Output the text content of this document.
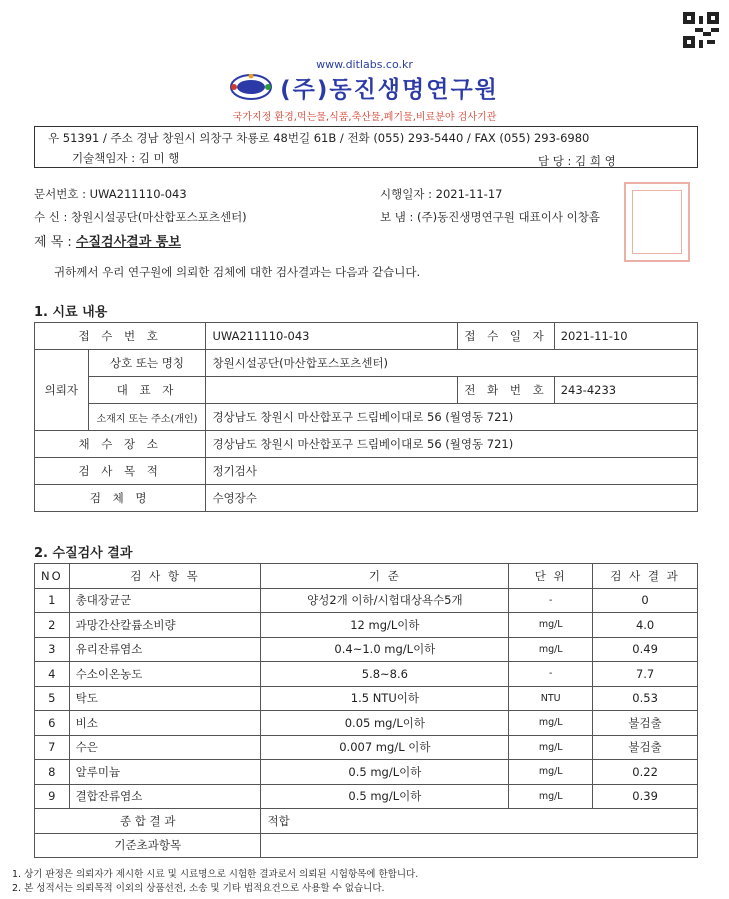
www.ditlabs.co.kr
(주)동진생명연구원
국가지정 환경,먹는물,식품,축산물,폐기물,비료분야 검사기관
우 51391 / 주소 경남 창원시 의창구 차룡로 48번길 61B / 전화 (055) 293-5440 / FAX (055) 293-6980
기술책임자 : 김 미 행	담 당 : 김 희 영
문서번호 : UWA211110-043	시행일자 : 2021-11-17
수 신 : 창원시설공단(마산합포스포츠센터)	보 냄 : (주)동진생명연구원 대표이사 이창흠
제 목 : 수질검사결과 통보
귀하께서 우리 연구원에 의뢰한 검체에 대한 검사결과는 다음과 같습니다.
1. 시료 내용
접 수 번 호		UWA211110-043	접 수 일 자	2021-11-10
의뢰자	상호 또는 명칭	창원시설공단(마산합포스포츠센터)		
	대 표 자		전 화 번 호	243-4233
	소재지 또는 주소(개인)	경상남도 창원시 마산합포구 드림베이대로 56 (월영동 721)		
채 수 장 소		경상남도 창원시 마산합포구 드림베이대로 56 (월영동 721)		
검 사 목 적		정기검사		
검 체 명		수영장수		
2. 수질검사 결과
NO	검 사 항 목	기 준	단 위	검 사 결 과
1	총대장균군	양성2개 이하/시험대상욕수5개	-	0
2	과망간산칼륨소비량	12 mg/L이하	mg/L	4.0
3	유리잔류염소	0.4~1.0 mg/L이하	mg/L	0.49
4	수소이온농도	5.8~8.6	-	7.7
5	탁도	1.5 NTU이하	NTU	0.53
6	비소	0.05 mg/L이하	mg/L	불검출
7	수은	0.007 mg/L 이하	mg/L	불검출
8	알루미늄	0.5 mg/L이하	mg/L	0.22
9	결합잔류염소	0.5 mg/L이하	mg/L	0.39
종 합 결 과		적합		
기준초과항목				
1. 상기 판정은 의뢰자가 제시한 시료 및 시료명으로 시험한 결과로서 의뢰된 시험항목에 한합니다.
2. 본 성적서는 의뢰목적 이외의 상품선전, 소송 및 기타 법적요건으로 사용할 수 없습니다.
